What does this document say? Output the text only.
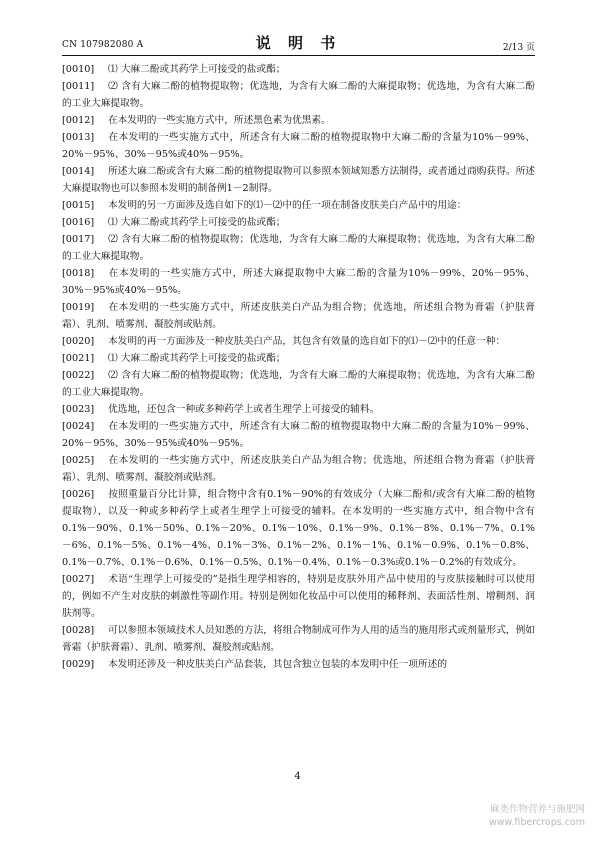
CN 107982080 A	说 明 书	2/13 页

[0010] ⑴ 大麻二酚或其药学上可接受的盐或酯；

[0011] ⑵ 含有大麻二酚的植物提取物；优选地，为含有大麻二酚的大麻提取物；优选地，为含有大麻二酚的工业大麻提取物。

[0012] 在本发明的一些实施方式中，所述黑色素为优黑素。

[0013] 在本发明的一些实施方式中，所述含有大麻二酚的植物提取物中大麻二酚的含量为10%－99%、20%－95%、30%－95%或40%－95%。

[0014] 所述大麻二酚或含有大麻二酚的植物提取物可以参照本领域知悉方法制得，或者通过商购获得。所述大麻提取物也可以参照本发明的制备例1－2制得。

[0015] 本发明的另一方面涉及选自如下的⑴－⑵中的任一项在制备皮肤美白产品中的用途：

[0016] ⑴ 大麻二酚或其药学上可接受的盐或酯；

[0017] ⑵ 含有大麻二酚的植物提取物；优选地，为含有大麻二酚的大麻提取物；优选地，为含有大麻二酚的工业大麻提取物。

[0018] 在本发明的一些实施方式中，所述大麻提取物中大麻二酚的含量为10%－99%、20%－95%、30%－95%或40%－95%。

[0019] 在本发明的一些实施方式中，所述皮肤美白产品为组合物；优选地，所述组合物为膏霜（护肤膏霜）、乳剂、喷雾剂、凝胶剂或贴剂。

[0020] 本发明的再一方面涉及一种皮肤美白产品，其包含有效量的选自如下的⑴－⑵中的任意一种：

[0021] ⑴ 大麻二酚或其药学上可接受的盐或酯；

[0022] ⑵ 含有大麻二酚的植物提取物；优选地，为含有大麻二酚的大麻提取物；优选地，为含有大麻二酚的工业大麻提取物。

[0023] 优选地，还包含一种或多种药学上或者生理学上可接受的辅料。

[0024] 在本发明的一些实施方式中，所述含有大麻二酚的植物提取物中大麻二酚的含量为10%－99%、20%－95%、30%－95%或40%－95%。

[0025] 在本发明的一些实施方式中，所述皮肤美白产品为组合物；优选地，所述组合物为膏霜（护肤膏霜）、乳剂、喷雾剂、凝胶剂或贴剂。

[0026] 按照重量百分比计算，组合物中含有0.1%－90%的有效成分（大麻二酚和/或含有大麻二酚的植物提取物），以及一种或多种药学上或者生理学上可接受的辅料。在本发明的一些实施方式中，组合物中含有0.1%－90%、0.1%－50%、0.1%－20%、0.1%－10%、0.1%－9%、0.1%－8%、0.1%－7%、0.1%－6%、0.1%－5%、0.1%－4%、0.1%－3%、0.1%－2%、0.1%－1%、0.1%－0.9%、0.1%－0.8%、0.1%－0.7%、0.1%－0.6%、0.1%－0.5%、0.1%－0.4%、0.1%－0.3%或0.1%－0.2%的有效成分。

[0027] 术语“生理学上可接受的”是指生理学相容的，特别是皮肤外用产品中使用的与皮肤接触时可以使用的，例如不产生对皮肤的刺激性等副作用。特别是例如化妆品中可以使用的稀释剂、表面活性剂、增稠剂、润肤剂等。

[0028] 可以参照本领域技术人员知悉的方法，将组合物制成可作为人用的适当的施用形式或剂量形式，例如膏霜（护肤膏霜）、乳剂、喷雾剂、凝胶剂或贴剂。

[0029] 本发明还涉及一种皮肤美白产品套装，其包含独立包装的本发明中任一项所述的

4
麻类作物营养与施肥网
www.fibercrops.com
